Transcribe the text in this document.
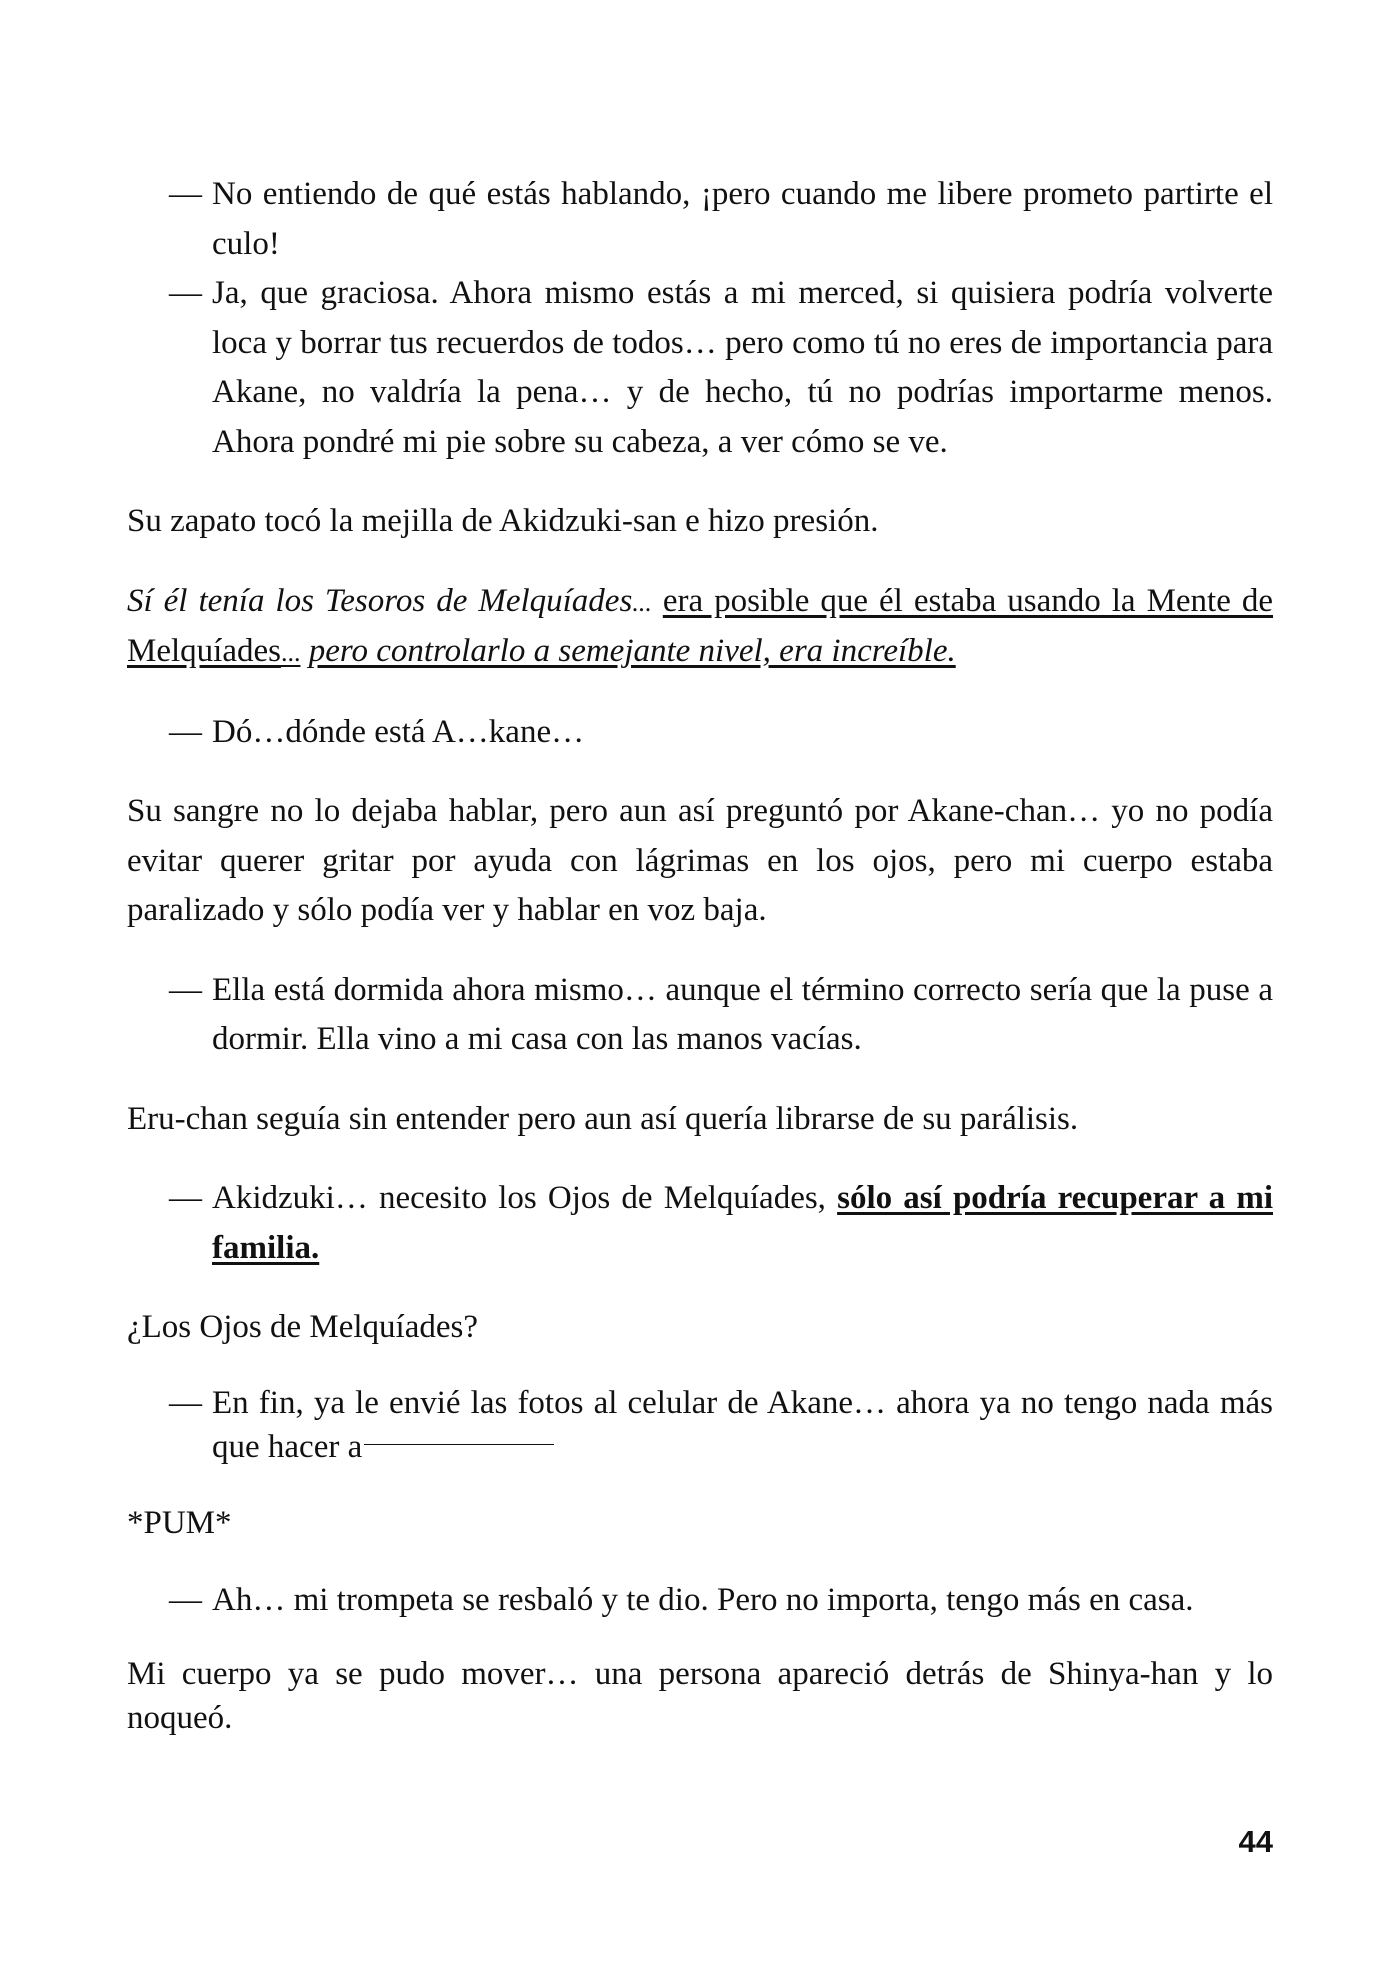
— No entiendo de qué estás hablando, ¡pero cuando me libere prometo partirte el culo!

— Ja, que graciosa. Ahora mismo estás a mi merced, si quisiera podría volverte loca y borrar tus recuerdos de todos… pero como tú no eres de importancia para Akane, no valdría la pena… y de hecho, tú no podrías importarme menos. Ahora pondré mi pie sobre su cabeza, a ver cómo se ve.

Su zapato tocó la mejilla de Akidzuki-san e hizo presión.

Sí él tenía los Tesoros de Melquíades... era posible que él estaba usando la Mente de Melquíades... pero controlarlo a semejante nivel, era increíble.

— Dó…dónde está A…kane…

Su sangre no lo dejaba hablar, pero aun así preguntó por Akane-chan… yo no podía evitar querer gritar por ayuda con lágrimas en los ojos, pero mi cuerpo estaba paralizado y sólo podía ver y hablar en voz baja.

— Ella está dormida ahora mismo… aunque el término correcto sería que la puse a dormir. Ella vino a mi casa con las manos vacías.

Eru-chan seguía sin entender pero aun así quería librarse de su parálisis.

— Akidzuki… necesito los Ojos de Melquíades, sólo así podría recuperar a mi familia.

¿Los Ojos de Melquíades?

— En fin, ya le envié las fotos al celular de Akane… ahora ya no tengo nada más que hacer a

*PUM*

— Ah… mi trompeta se resbaló y te dio. Pero no importa, tengo más en casa.

Mi cuerpo ya se pudo mover… una persona apareció detrás de Shinya-han y lo noqueó.

44
